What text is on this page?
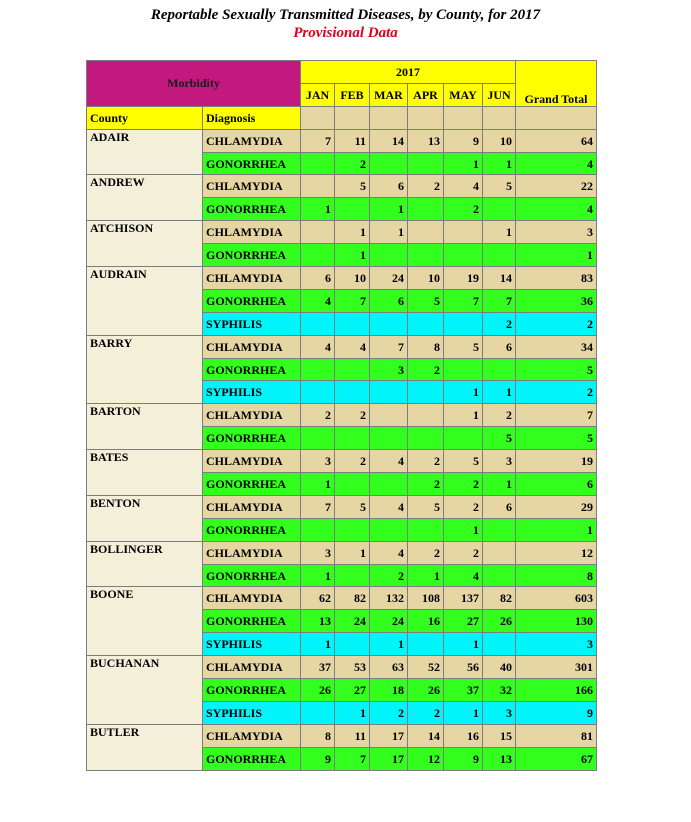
Reportable Sexually Transmitted Diseases, by County, for 2017
Provisional Data
Morbidity		2017						Grand Total
		JAN	FEB	MAR	APR	MAY	JUN	
County	Diagnosis							
ADAIR	CHLAMYDIA	7	11	14	13	9	10	64
	GONORRHEA		2			1	1	4
ANDREW	CHLAMYDIA		5	6	2	4	5	22
	GONORRHEA	1		1		2		4
ATCHISON	CHLAMYDIA		1	1			1	3
	GONORRHEA		1					1
AUDRAIN	CHLAMYDIA	6	10	24	10	19	14	83
	GONORRHEA	4	7	6	5	7	7	36
	SYPHILIS						2	2
BARRY	CHLAMYDIA	4	4	7	8	5	6	34
	GONORRHEA			3	2			5
	SYPHILIS					1	1	2
BARTON	CHLAMYDIA	2	2			1	2	7
	GONORRHEA						5	5
BATES	CHLAMYDIA	3	2	4	2	5	3	19
	GONORRHEA	1			2	2	1	6
BENTON	CHLAMYDIA	7	5	4	5	2	6	29
	GONORRHEA					1		1
BOLLINGER	CHLAMYDIA	3	1	4	2	2		12
	GONORRHEA	1		2	1	4		8
BOONE	CHLAMYDIA	62	82	132	108	137	82	603
	GONORRHEA	13	24	24	16	27	26	130
	SYPHILIS	1		1		1		3
BUCHANAN	CHLAMYDIA	37	53	63	52	56	40	301
	GONORRHEA	26	27	18	26	37	32	166
	SYPHILIS		1	2	2	1	3	9
BUTLER	CHLAMYDIA	8	11	17	14	16	15	81
	GONORRHEA	9	7	17	12	9	13	67
